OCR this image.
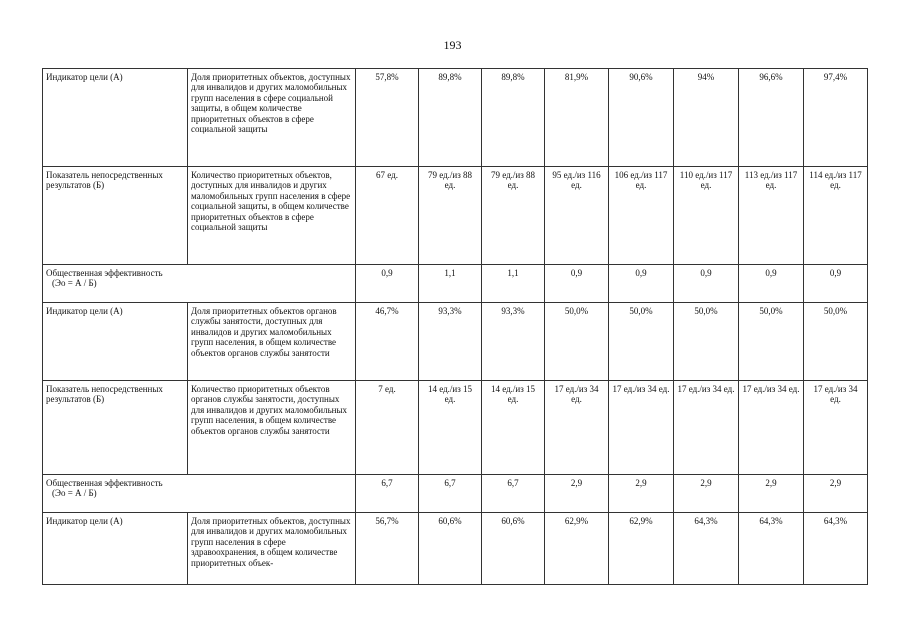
193
Индикатор цели (А)	Доля приоритетных объектов, доступных для инвалидов и других маломобильных групп населения в сфере социальной защиты, в общем количестве приоритетных объектов в сфере социальной защиты	57,8%	89,8%	89,8%	81,9%	90,6%	94%	96,6%	97,4%
Показатель непосредственных результатов (Б)	Количество приоритетных объектов, доступных для инвалидов и других маломобильных групп населения в сфере социальной защиты, в общем количестве приоритетных объектов в сфере социальной защиты	67 ед.	79 ед./из 88 ед.	79 ед./из 88 ед.	95 ед./из 116 ед.	106 ед./из 117 ед.	110 ед./из 117 ед.	113 ед./из 117 ед.	114 ед./из 117 ед.
Общественная эффективность
(Эо = А / Б)		0,9	1,1	1,1	0,9	0,9	0,9	0,9	0,9
Индикатор цели (А)	Доля приоритетных объектов органов службы занятости, доступных для инвалидов и других маломобильных групп населения, в общем количестве объектов органов службы занятости	46,7%	93,3%	93,3%	50,0%	50,0%	50,0%	50,0%	50,0%
Показатель непосредственных результатов (Б)	Количество приоритетных объектов органов службы занятости, доступных для инвалидов и других маломобильных групп населения, в общем количестве объектов органов службы занятости	7 ед.	14 ед./из 15 ед.	14 ед./из 15 ед.	17 ед./из 34 ед.	17 ед./из 34 ед.	17 ед./из 34 ед.	17 ед./из 34 ед.	17 ед./из 34 ед.
Общественная эффективность
(Эо = А / Б)		6,7	6,7	6,7	2,9	2,9	2,9	2,9	2,9
Индикатор цели (А)	Доля приоритетных объектов, доступных для инвалидов и других маломобильных групп населения в сфере здравоохранения, в общем количестве приоритетных объек-	56,7%	60,6%	60,6%	62,9%	62,9%	64,3%	64,3%	64,3%
